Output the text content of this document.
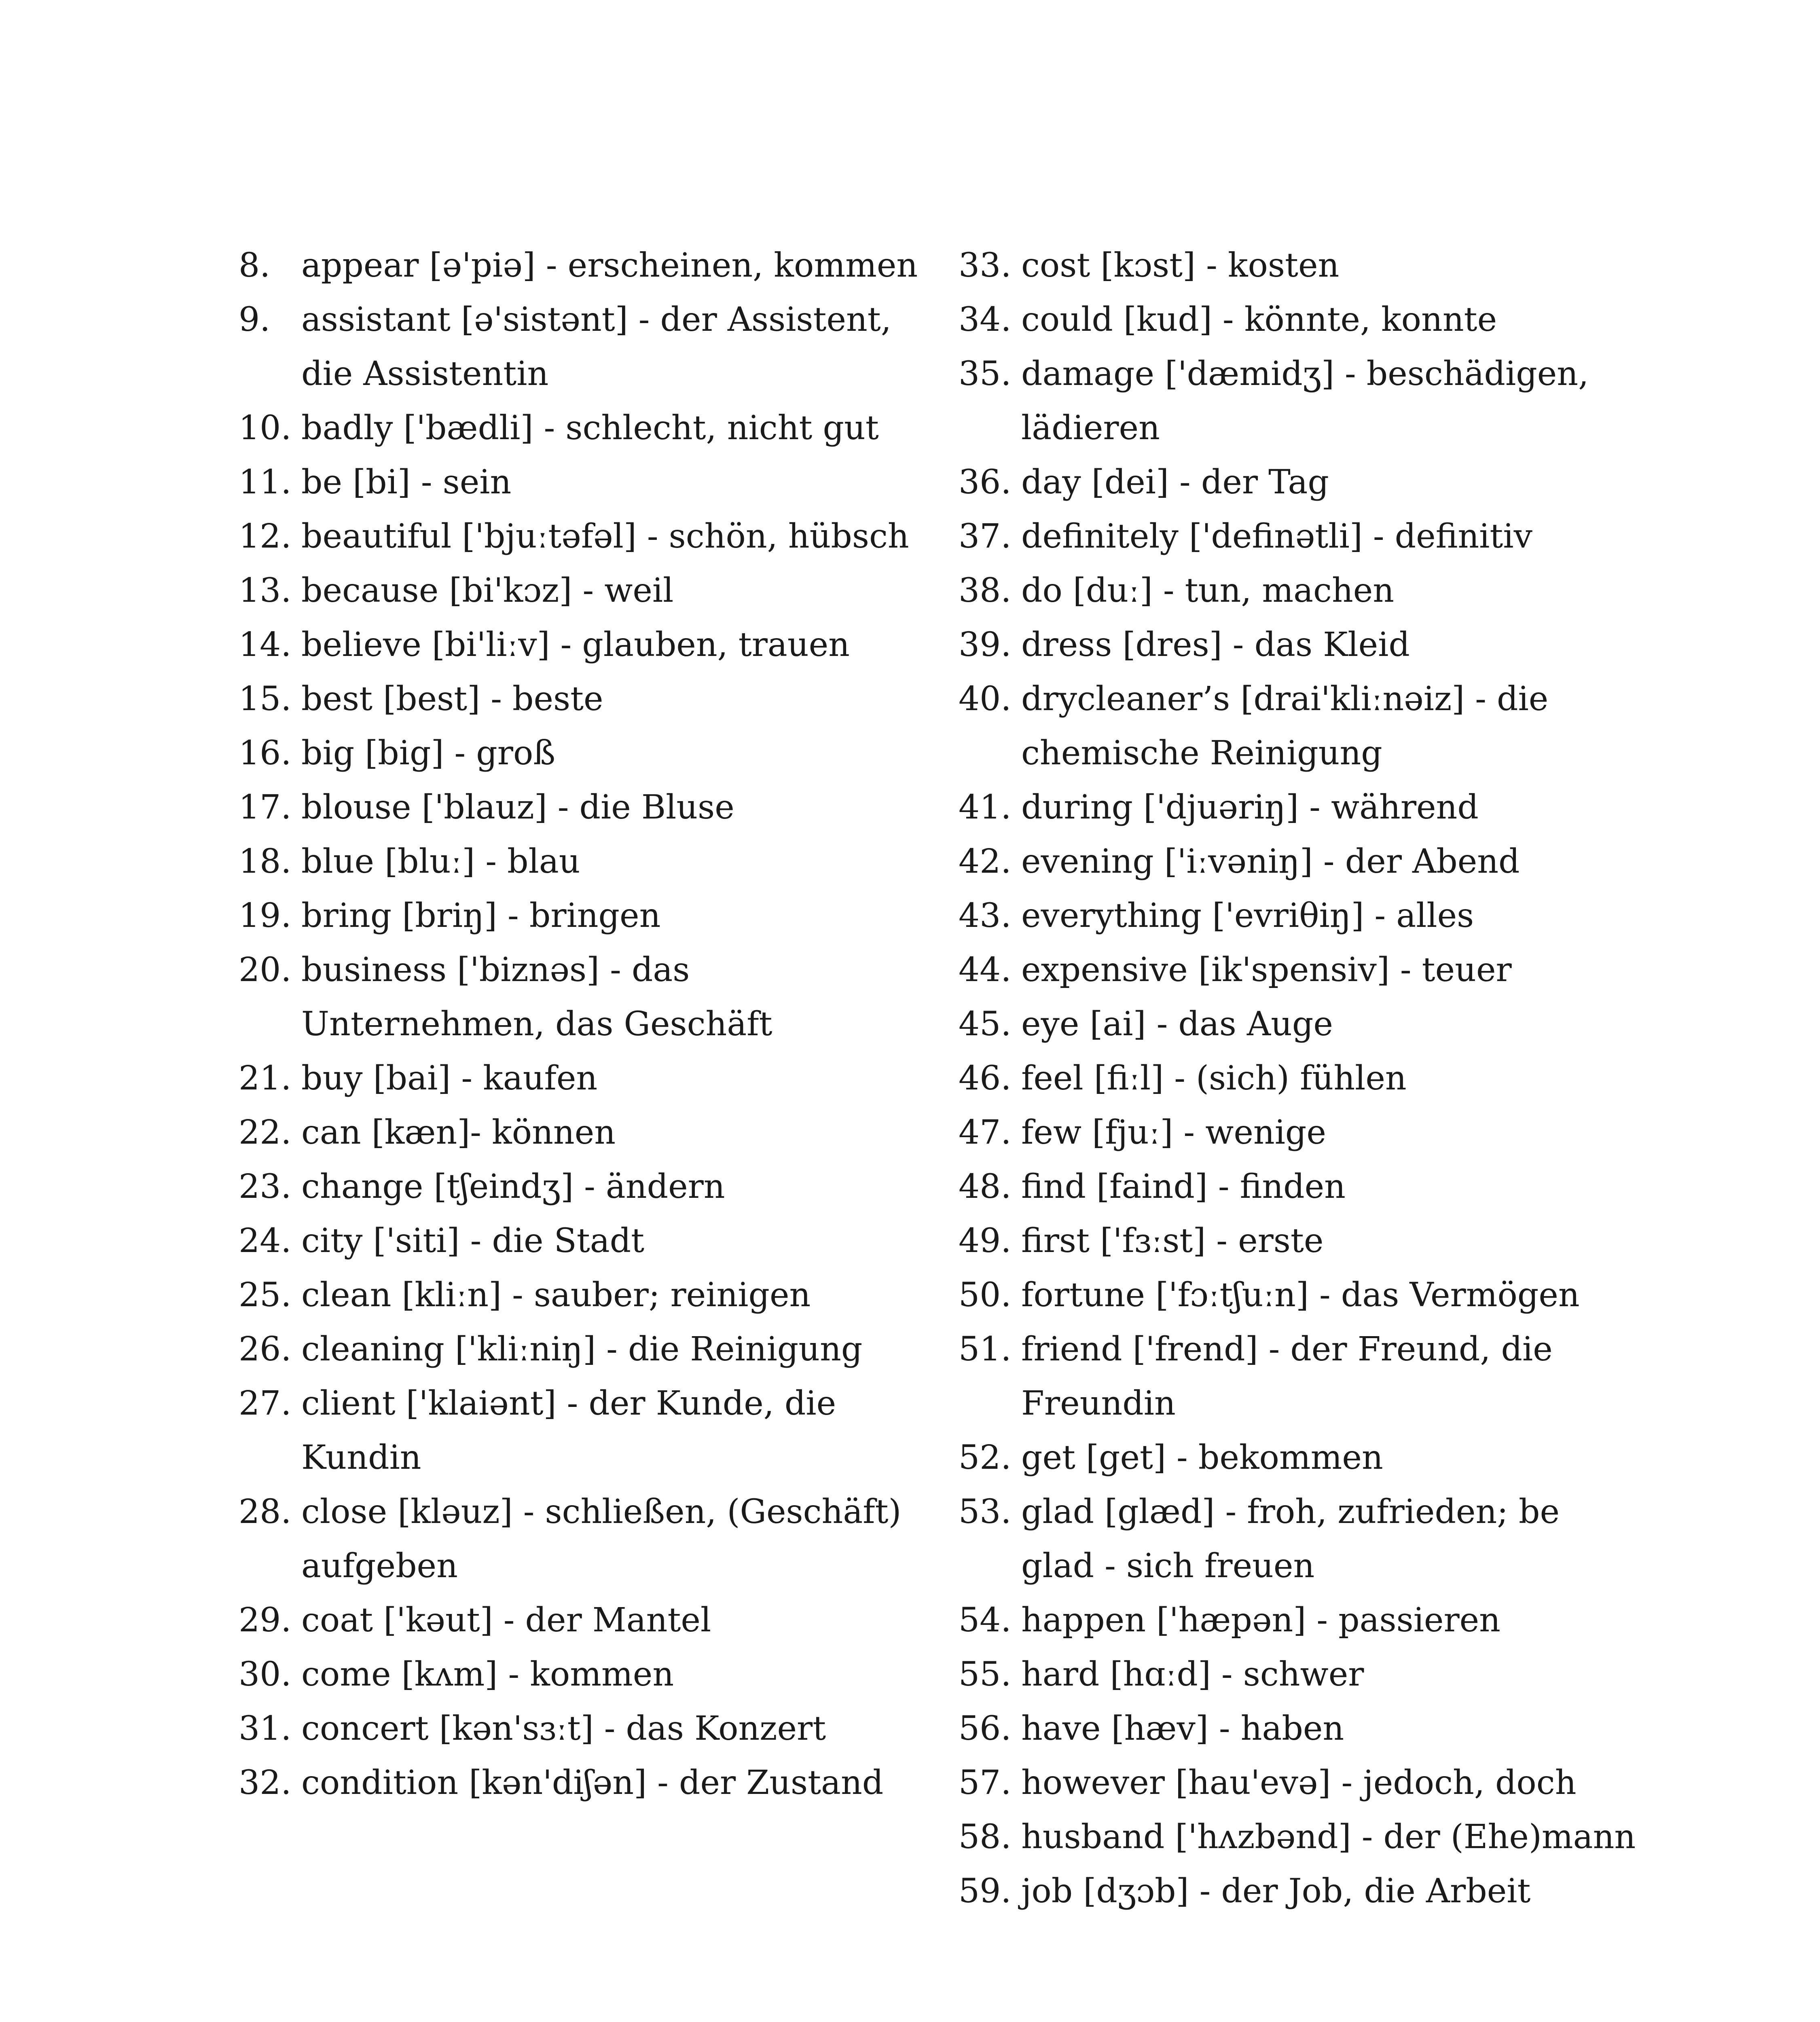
8. appear [ə'piə] - erscheinen, kommen
9. assistant [ə'sistənt] - der Assistent, die Assistentin
10. badly ['bædli] - schlecht, nicht gut
11. be [bi] - sein
12. beautiful ['bjuːtəfəl] - schön, hübsch
13. because [bi'kɔz] - weil
14. believe [bi'liːv] - glauben, trauen
15. best [best] - beste
16. big [big] - groß
17. blouse ['blauz] - die Bluse
18. blue [bluː] - blau
19. bring [briŋ] - bringen
20. business ['biznəs] - das Unternehmen, das Geschäft
21. buy [bai] - kaufen
22. can [kæn]- können
23. change [tʃeindʒ] - ändern
24. city ['siti] - die Stadt
25. clean [kliːn] - sauber; reinigen
26. cleaning ['kliːniŋ] - die Reinigung
27. client ['klaiənt] - der Kunde, die Kundin
28. close [kləuz] - schließen, (Geschäft) aufgeben
29. coat ['kəut] - der Mantel
30. come [kʌm] - kommen
31. concert [kən'sɜːt] - das Konzert
32. condition [kən'diʃən] - der Zustand
33. cost [kɔst] - kosten
34. could [kud] - könnte, konnte
35. damage ['dæmidʒ] - beschädigen, lädieren
36. day [dei] - der Tag
37. definitely ['definətli] - definitiv
38. do [duː] - tun, machen
39. dress [dres] - das Kleid
40. drycleaner’s [drai'kliːnəiz] - die chemische Reinigung
41. during ['djuəriŋ] - während
42. evening ['iːvəniŋ] - der Abend
43. everything ['evriθiŋ] - alles
44. expensive [ik'spensiv] - teuer
45. eye [ai] - das Auge
46. feel [fiːl] - (sich) fühlen
47. few [fjuː] - wenige
48. find [faind] - finden
49. first ['fɜːst] - erste
50. fortune ['fɔːtʃuːn] - das Vermögen
51. friend ['frend] - der Freund, die Freundin
52. get [get] - bekommen
53. glad [glæd] - froh, zufrieden; be glad - sich freuen
54. happen ['hæpən] - passieren
55. hard [hɑːd] - schwer
56. have [hæv] - haben
57. however [hau'evə] - jedoch, doch
58. husband ['hʌzbənd] - der (Ehe)mann
59. job [dʒɔb] - der Job, die Arbeit
